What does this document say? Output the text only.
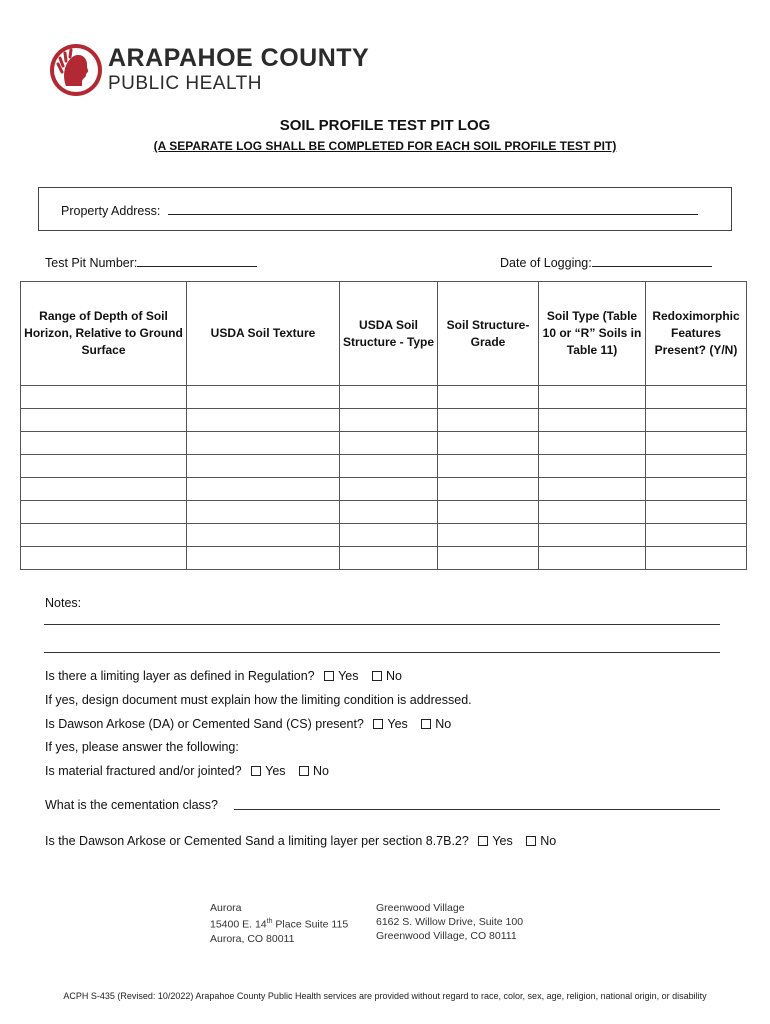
ARAPAHOE COUNTY
PUBLIC HEALTH
SOIL PROFILE TEST PIT LOG
(A SEPARATE LOG SHALL BE COMPLETED FOR EACH SOIL PROFILE TEST PIT)
Property Address:
Test Pit Number:	Date of Logging:
Range of Depth of Soil Horizon, Relative to Ground Surface	USDA Soil Texture	USDA Soil Structure - Type	Soil Structure- Grade	Soil Type (Table 10 or “R” Soils in Table 11)	Redoximorphic Features Present? (Y/N)

Notes:
Is there a limiting layer as defined in Regulation? Yes No
If yes, design document must explain how the limiting condition is addressed.
Is Dawson Arkose (DA) or Cemented Sand (CS) present? Yes No
If yes, please answer the following:
Is material fractured and/or jointed? Yes No
What is the cementation class?
Is the Dawson Arkose or Cemented Sand a limiting layer per section 8.7B.2? Yes No
Aurora
15400 E. 14th Place Suite 115
Aurora, CO 80011
Greenwood Village
6162 S. Willow Drive, Suite 100
Greenwood Village, CO 80111
ACPH S-435 (Revised: 10/2022) Arapahoe County Public Health services are provided without regard to race, color, sex, age, religion, national origin, or disability
